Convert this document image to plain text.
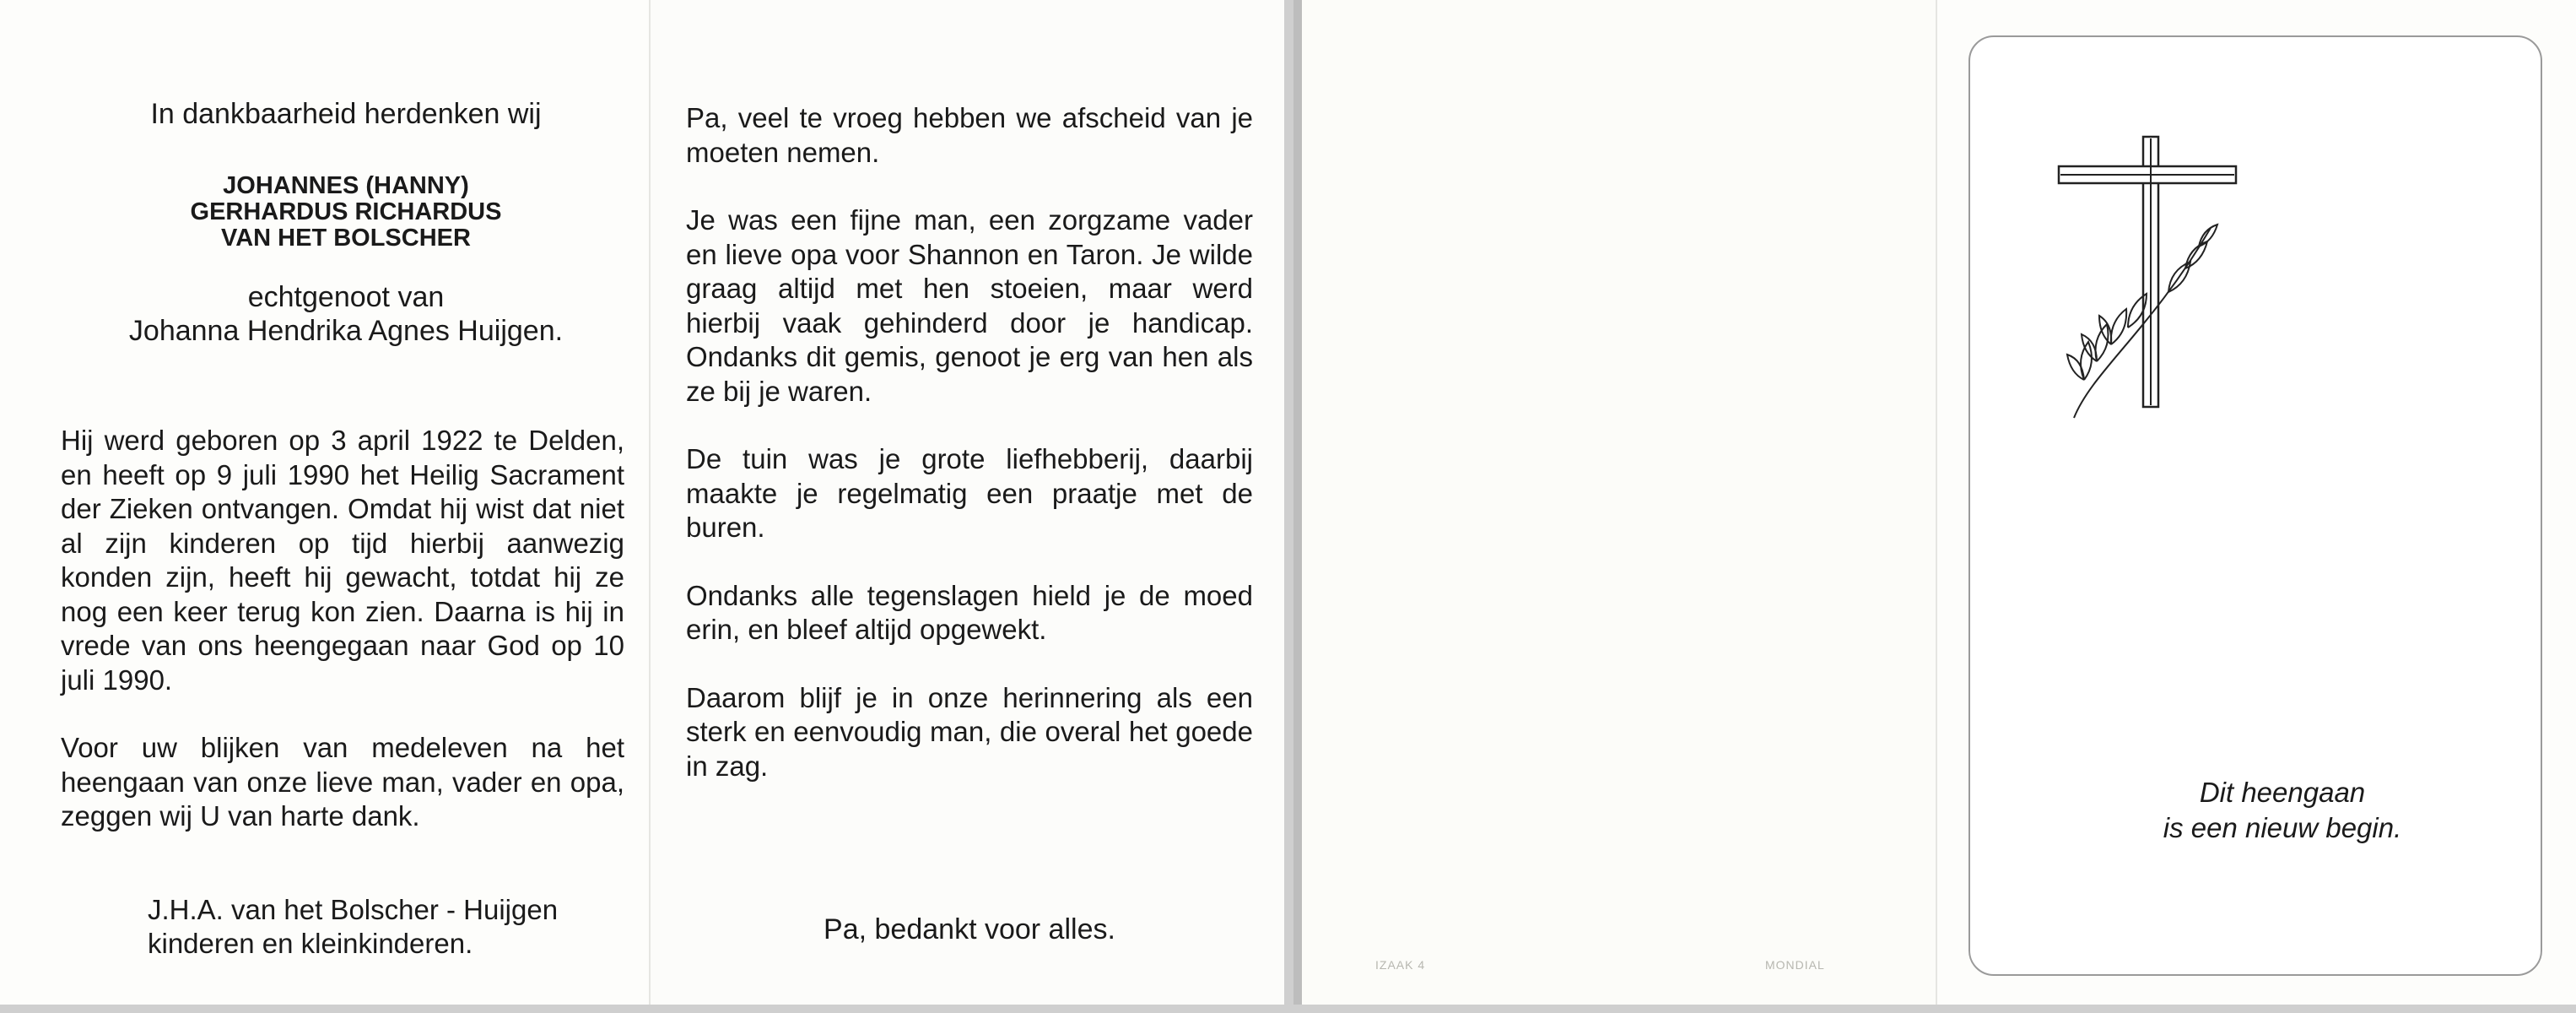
In dankbaarheid herdenken wij
JOHANNES (HANNY)
GERHARDUS RICHARDUS
VAN HET BOLSCHER
echtgenoot van
Johanna Hendrika Agnes Huijgen.

Hij werd geboren op 3 april 1922 te Delden, en heeft op 9 juli 1990 het Heilig Sacrament der Zieken ontvangen. Omdat hij wist dat niet al zijn kinderen op tijd hierbij aanwezig konden zijn, heeft hij gewacht, totdat hij ze nog een keer terug kon zien. Daarna is hij in vrede van ons heengegaan naar God op 10 juli 1990.

Voor uw blijken van medeleven na het heengaan van onze lieve man, vader en opa, zeggen wij U van harte dank.

J.H.A. van het Bolscher - Huijgen
kinderen en kleinkinderen.

Pa, veel te vroeg hebben we afscheid van je moeten nemen.

Je was een fijne man, een zorgzame vader en lieve opa voor Shannon en Taron. Je wilde graag altijd met hen stoeien, maar werd hierbij vaak gehinderd door je handicap. Ondanks dit gemis, genoot je erg van hen als ze bij je waren.

De tuin was je grote liefhebberij, daarbij maakte je regelmatig een praatje met de buren.

Ondanks alle tegenslagen hield je de moed erin, en bleef altijd opgewekt.

Daarom blijf je in onze herinnering als een sterk en eenvoudig man, die overal het goede in zag.

Pa, bedankt voor alles.
IZAAK 4	MONDIAL
Dit heengaan
is een nieuw begin.
